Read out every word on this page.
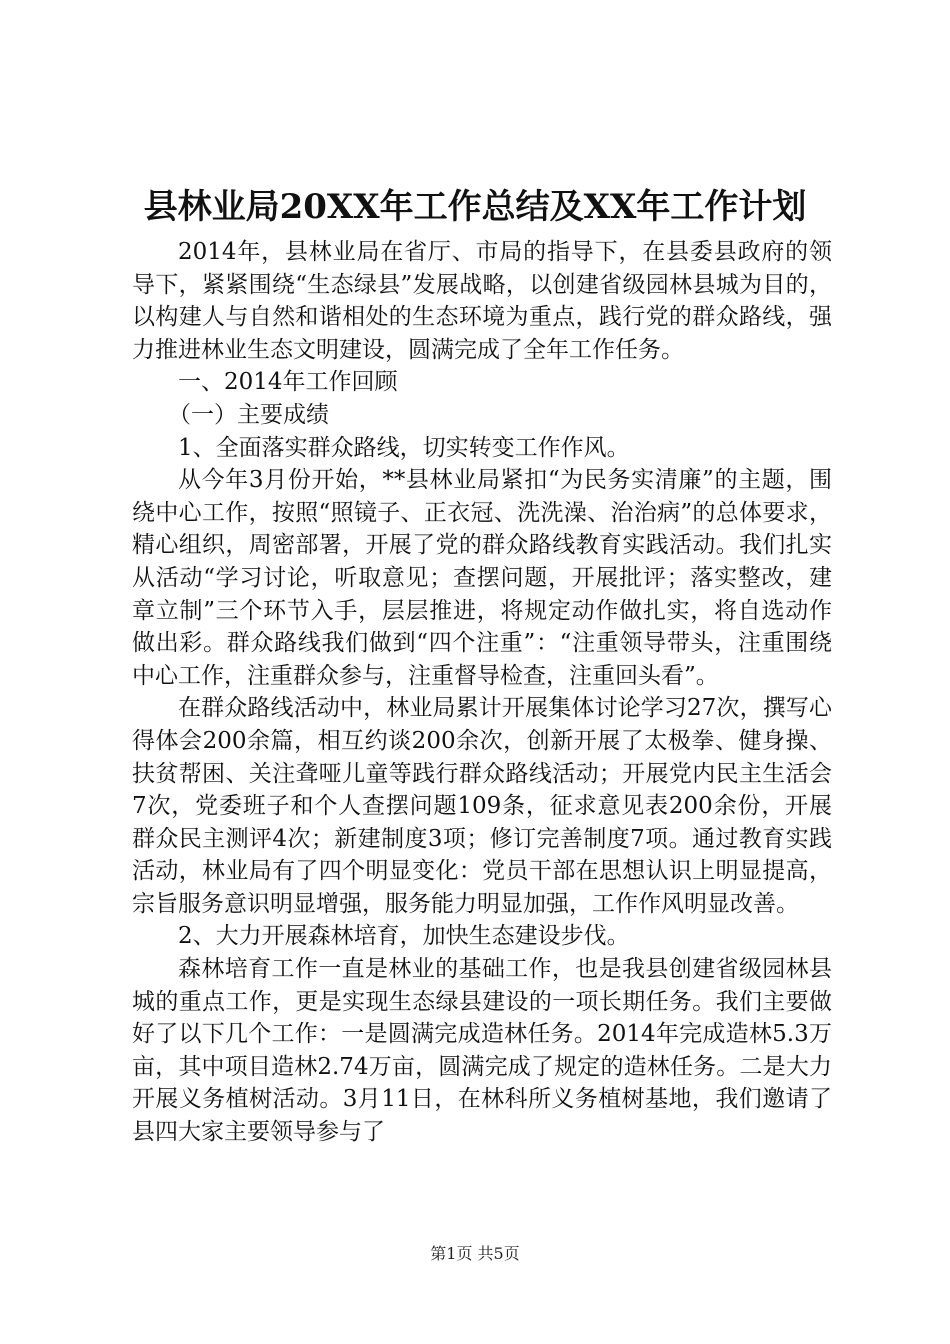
县林业局20XX年工作总结及XX年工作计划

2014年，县林业局在省厅、市局的指导下，在县委县政府的领导下，紧紧围绕“生态绿县”发展战略，以创建省级园林县城为目的，以构建人与自然和谐相处的生态环境为重点，践行党的群众路线，强力推进林业生态文明建设，圆满完成了全年工作任务。

一、2014年工作回顾

（一）主要成绩

1、全面落实群众路线，切实转变工作作风。

从今年3月份开始，**县林业局紧扣“为民务实清廉”的主题，围绕中心工作，按照“照镜子、正衣冠、洗洗澡、治治病”的总体要求，精心组织，周密部署，开展了党的群众路线教育实践活动。我们扎实从活动“学习讨论，听取意见；查摆问题，开展批评；落实整改，建章立制”三个环节入手，层层推进，将规定动作做扎实，将自选动作做出彩。群众路线我们做到“四个注重”：“注重领导带头，注重围绕中心工作，注重群众参与，注重督导检查，注重回头看”。

在群众路线活动中，林业局累计开展集体讨论学习27次，撰写心得体会200余篇，相互约谈200余次，创新开展了太极拳、健身操、扶贫帮困、关注聋哑儿童等践行群众路线活动；开展党内民主生活会7次，党委班子和个人查摆问题109条，征求意见表200余份，开展群众民主测评4次；新建制度3项；修订完善制度7项。通过教育实践活动，林业局有了四个明显变化：党员干部在思想认识上明显提高，宗旨服务意识明显增强，服务能力明显加强，工作作风明显改善。

2、大力开展森林培育，加快生态建设步伐。

森林培育工作一直是林业的基础工作，也是我县创建省级园林县城的重点工作，更是实现生态绿县建设的一项长期任务。我们主要做好了以下几个工作：一是圆满完成造林任务。2014年完成造林5.3万亩，其中项目造林2.74万亩，圆满完成了规定的造林任务。二是大力开展义务植树活动。3月11日，在林科所义务植树基地，我们邀请了县四大家主要领导参与了

第1页 共5页
